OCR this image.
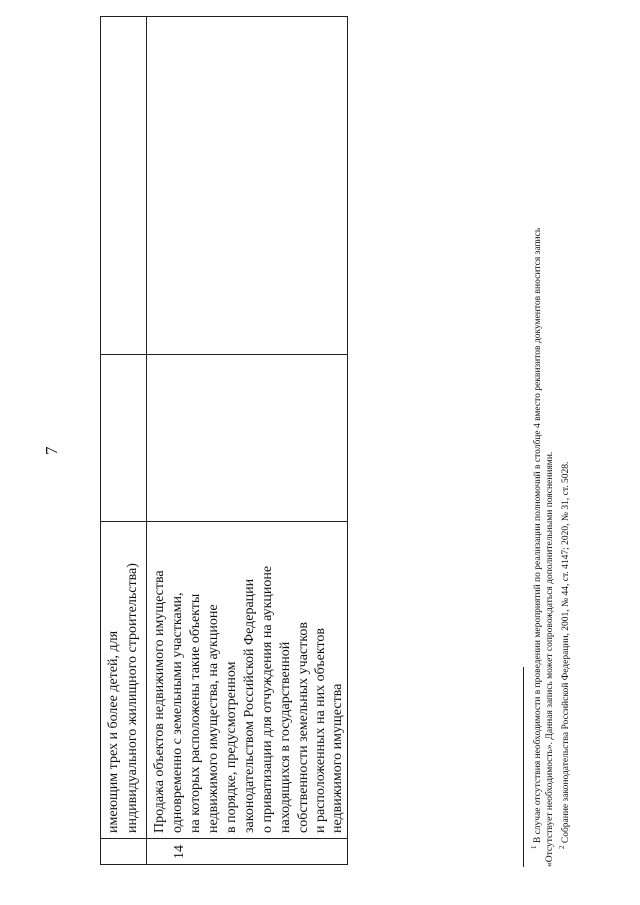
7
имеющим трех и более детей, для индивидуального жилищного строительства)
14
Продажа объектов недвижимого имущества одновременно с земельными участками, на которых расположены такие объекты недвижимого имущества, на аукционе в порядке, предусмотренном законодательством Российской Федерации о приватизации для отчуждения на аукционе находящихся в государственной собственности земельных участков и расположенных на них объектов недвижимого имущества

$^1$ В случае отсутствия необходимости в проведении мероприятий по реализации полномочий в столбце 4 вместо реквизитов документов вносится запись «Отсутствует необходимость». Данная запись может сопровождаться дополнительными пояснениями. $^2$ Собрание законодательства Российской Федерации, 2001, № 44, ст. 4147; 2020, № 31, ст. 5028.
